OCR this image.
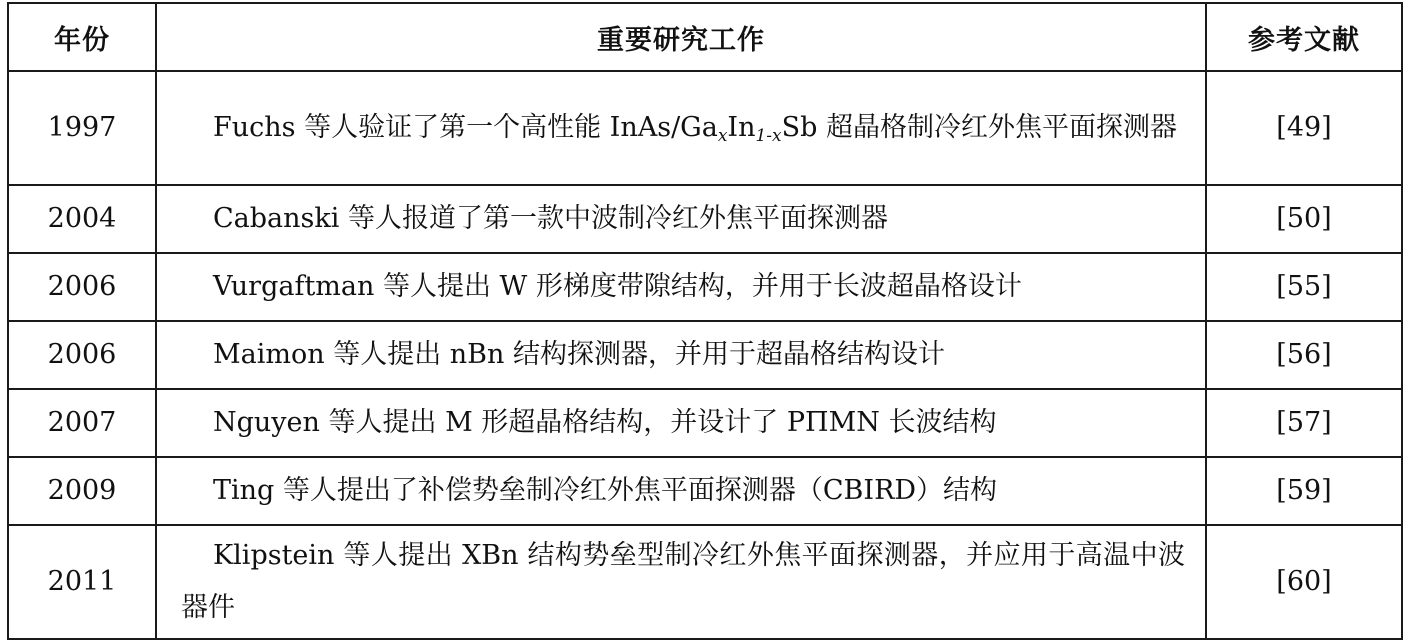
年份	重要研究工作	参考文献
1997	Fuchs 等人验证了第一个高性能 InAs/$Ga_xIn_{1-x}Sb$ 超晶格制冷红外焦平面探测器	[49]
2004	Cabanski 等人报道了第一款中波制冷红外焦平面探测器	[50]
2006	Vurgaftman 等人提出 W 形梯度带隙结构，并用于长波超晶格设计	[55]
2006	Maimon 等人提出 nBn 结构探测器，并用于超晶格结构设计	[56]
2007	Nguyen 等人提出 M 形超晶格结构，并设计了 PΠMN 长波结构	[57]
2009	Ting 等人提出了补偿势垒制冷红外焦平面探测器（CBIRD）结构	[59]
2011	Klipstein 等人提出 XBn 结构势垒型制冷红外焦平面探测器，并应用于高温中波器件	[60]
